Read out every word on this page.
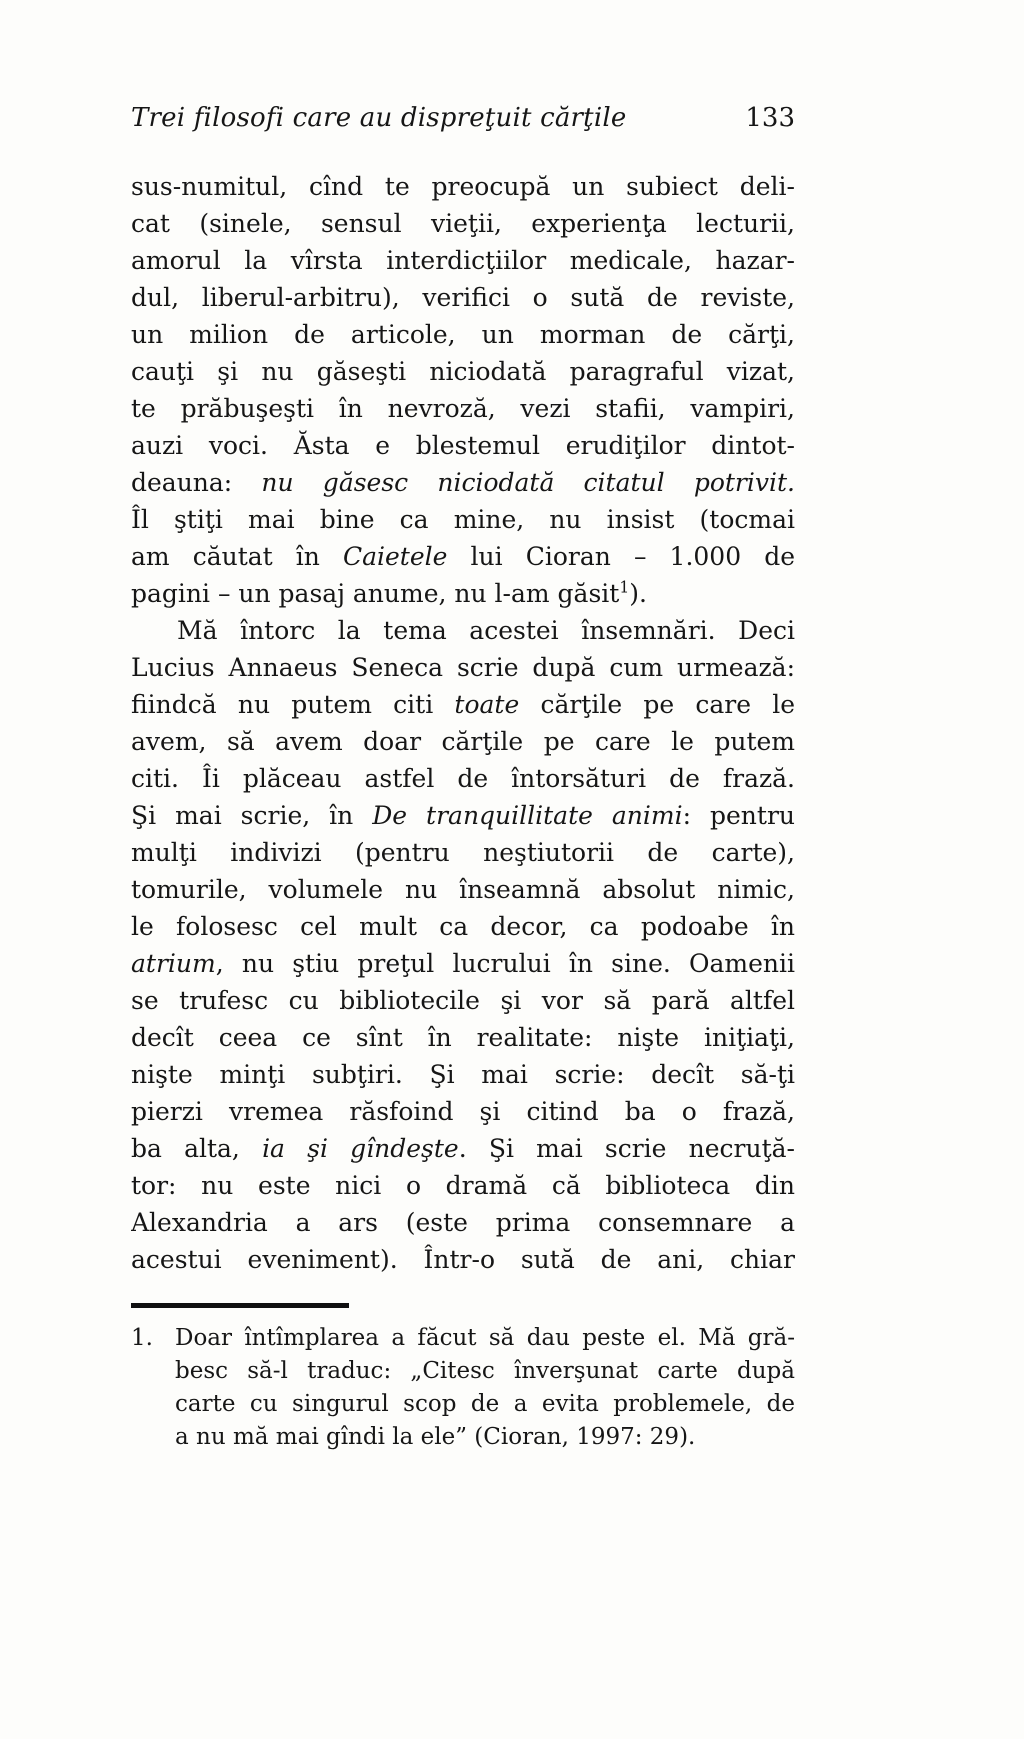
Trei filosofi care au dispreţuit cărţile	133
sus-numitul, cînd te preocupă un subiect deli-
cat (sinele, sensul vieţii, experienţa lecturii,
amorul la vîrsta interdicţiilor medicale, hazar-
dul, liberul-arbitru), verifici o sută de reviste,
un milion de articole, un morman de cărţi,
cauţi şi nu găseşti niciodată paragraful vizat,
te prăbuşeşti în nevroză, vezi stafii, vampiri,
auzi voci. Ăsta e blestemul erudiţilor dintot-
deauna: nu găsesc niciodată citatul potrivit.
Îl ştiţi mai bine ca mine, nu insist (tocmai
am căutat în Caietele lui Cioran – 1.000 de
pagini – un pasaj anume, nu l-am găsit$^1$).
Mă întorc la tema acestei însemnări. Deci
Lucius Annaeus Seneca scrie după cum urmează:
fiindcă nu putem citi toate cărţile pe care le
avem, să avem doar cărţile pe care le putem
citi. Îi plăceau astfel de întorsături de frază.
Şi mai scrie, în De tranquillitate animi: pentru
mulţi indivizi (pentru neştiutorii de carte),
tomurile, volumele nu înseamnă absolut nimic,
le folosesc cel mult ca decor, ca podoabe în
atrium, nu ştiu preţul lucrului în sine. Oamenii
se trufesc cu bibliotecile şi vor să pară altfel
decît ceea ce sînt în realitate: nişte iniţiaţi,
nişte minţi subţiri. Şi mai scrie: decît să-ţi
pierzi vremea răsfoind şi citind ba o frază,
ba alta, ia şi gîndeşte. Şi mai scrie necruţă-
tor: nu este nici o dramă că biblioteca din
Alexandria a ars (este prima consemnare a
acestui eveniment). Într-o sută de ani, chiar
1. Doar întîmplarea a făcut să dau peste el. Mă gră-
besc să-l traduc: „Citesc înverşunat carte după
carte cu singurul scop de a evita problemele, de
a nu mă mai gîndi la ele” (Cioran, 1997: 29).
